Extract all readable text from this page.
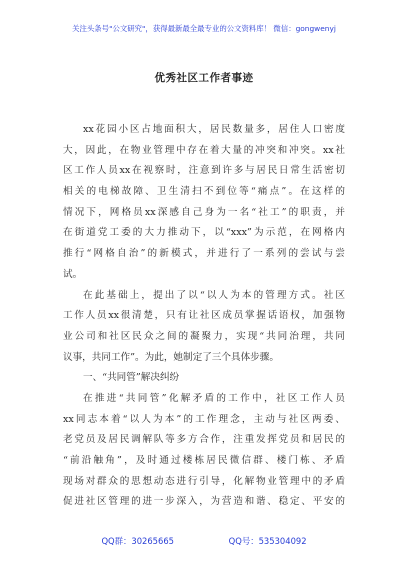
关注头条号"公文研究"，获得最新最全最专业的公文资料库！ 微信：gongwenyj
优秀社区工作者事迹
xx花园小区占地面积大，居民数量多，居住人口密度
大，因此，在物业管理中存在着大量的冲突和冲突。xx社
区工作人员xx在视察时，注意到许多与居民日常生活密切
相关的电梯故障、卫生清扫不到位等“痛点”。在这样的
情况下，网格员xx深感自己身为一名“社工”的职责，并
在街道党工委的大力推动下，以“xxx”为示范，在网格内
推行“网格自治”的新模式，并进行了一系列的尝试与尝
试。
在此基础上，提出了以“以人为本的管理方式。社区
工作人员xx很清楚，只有让社区成员掌握话语权，加强物
业公司和社区民众之间的凝聚力，实现“共同治理，共同
议事，共同工作”。为此，她制定了三个具体步骤。
一、“共同管”解决纠纷
在推进“共同管”化解矛盾的工作中，社区工作人员
xx同志本着“以人为本”的工作理念，主动与社区两委、
老党员及居民调解队等多方合作，注重发挥党员和居民的
“前沿触角”，及时通过楼栋居民微信群、楼门栋、矛盾
现场对群众的思想动态进行引导，化解物业管理中的矛盾
促进社区管理的进一步深入，为营造和谐、稳定、平安的
QQ群：30265665	QQ号：535304092
